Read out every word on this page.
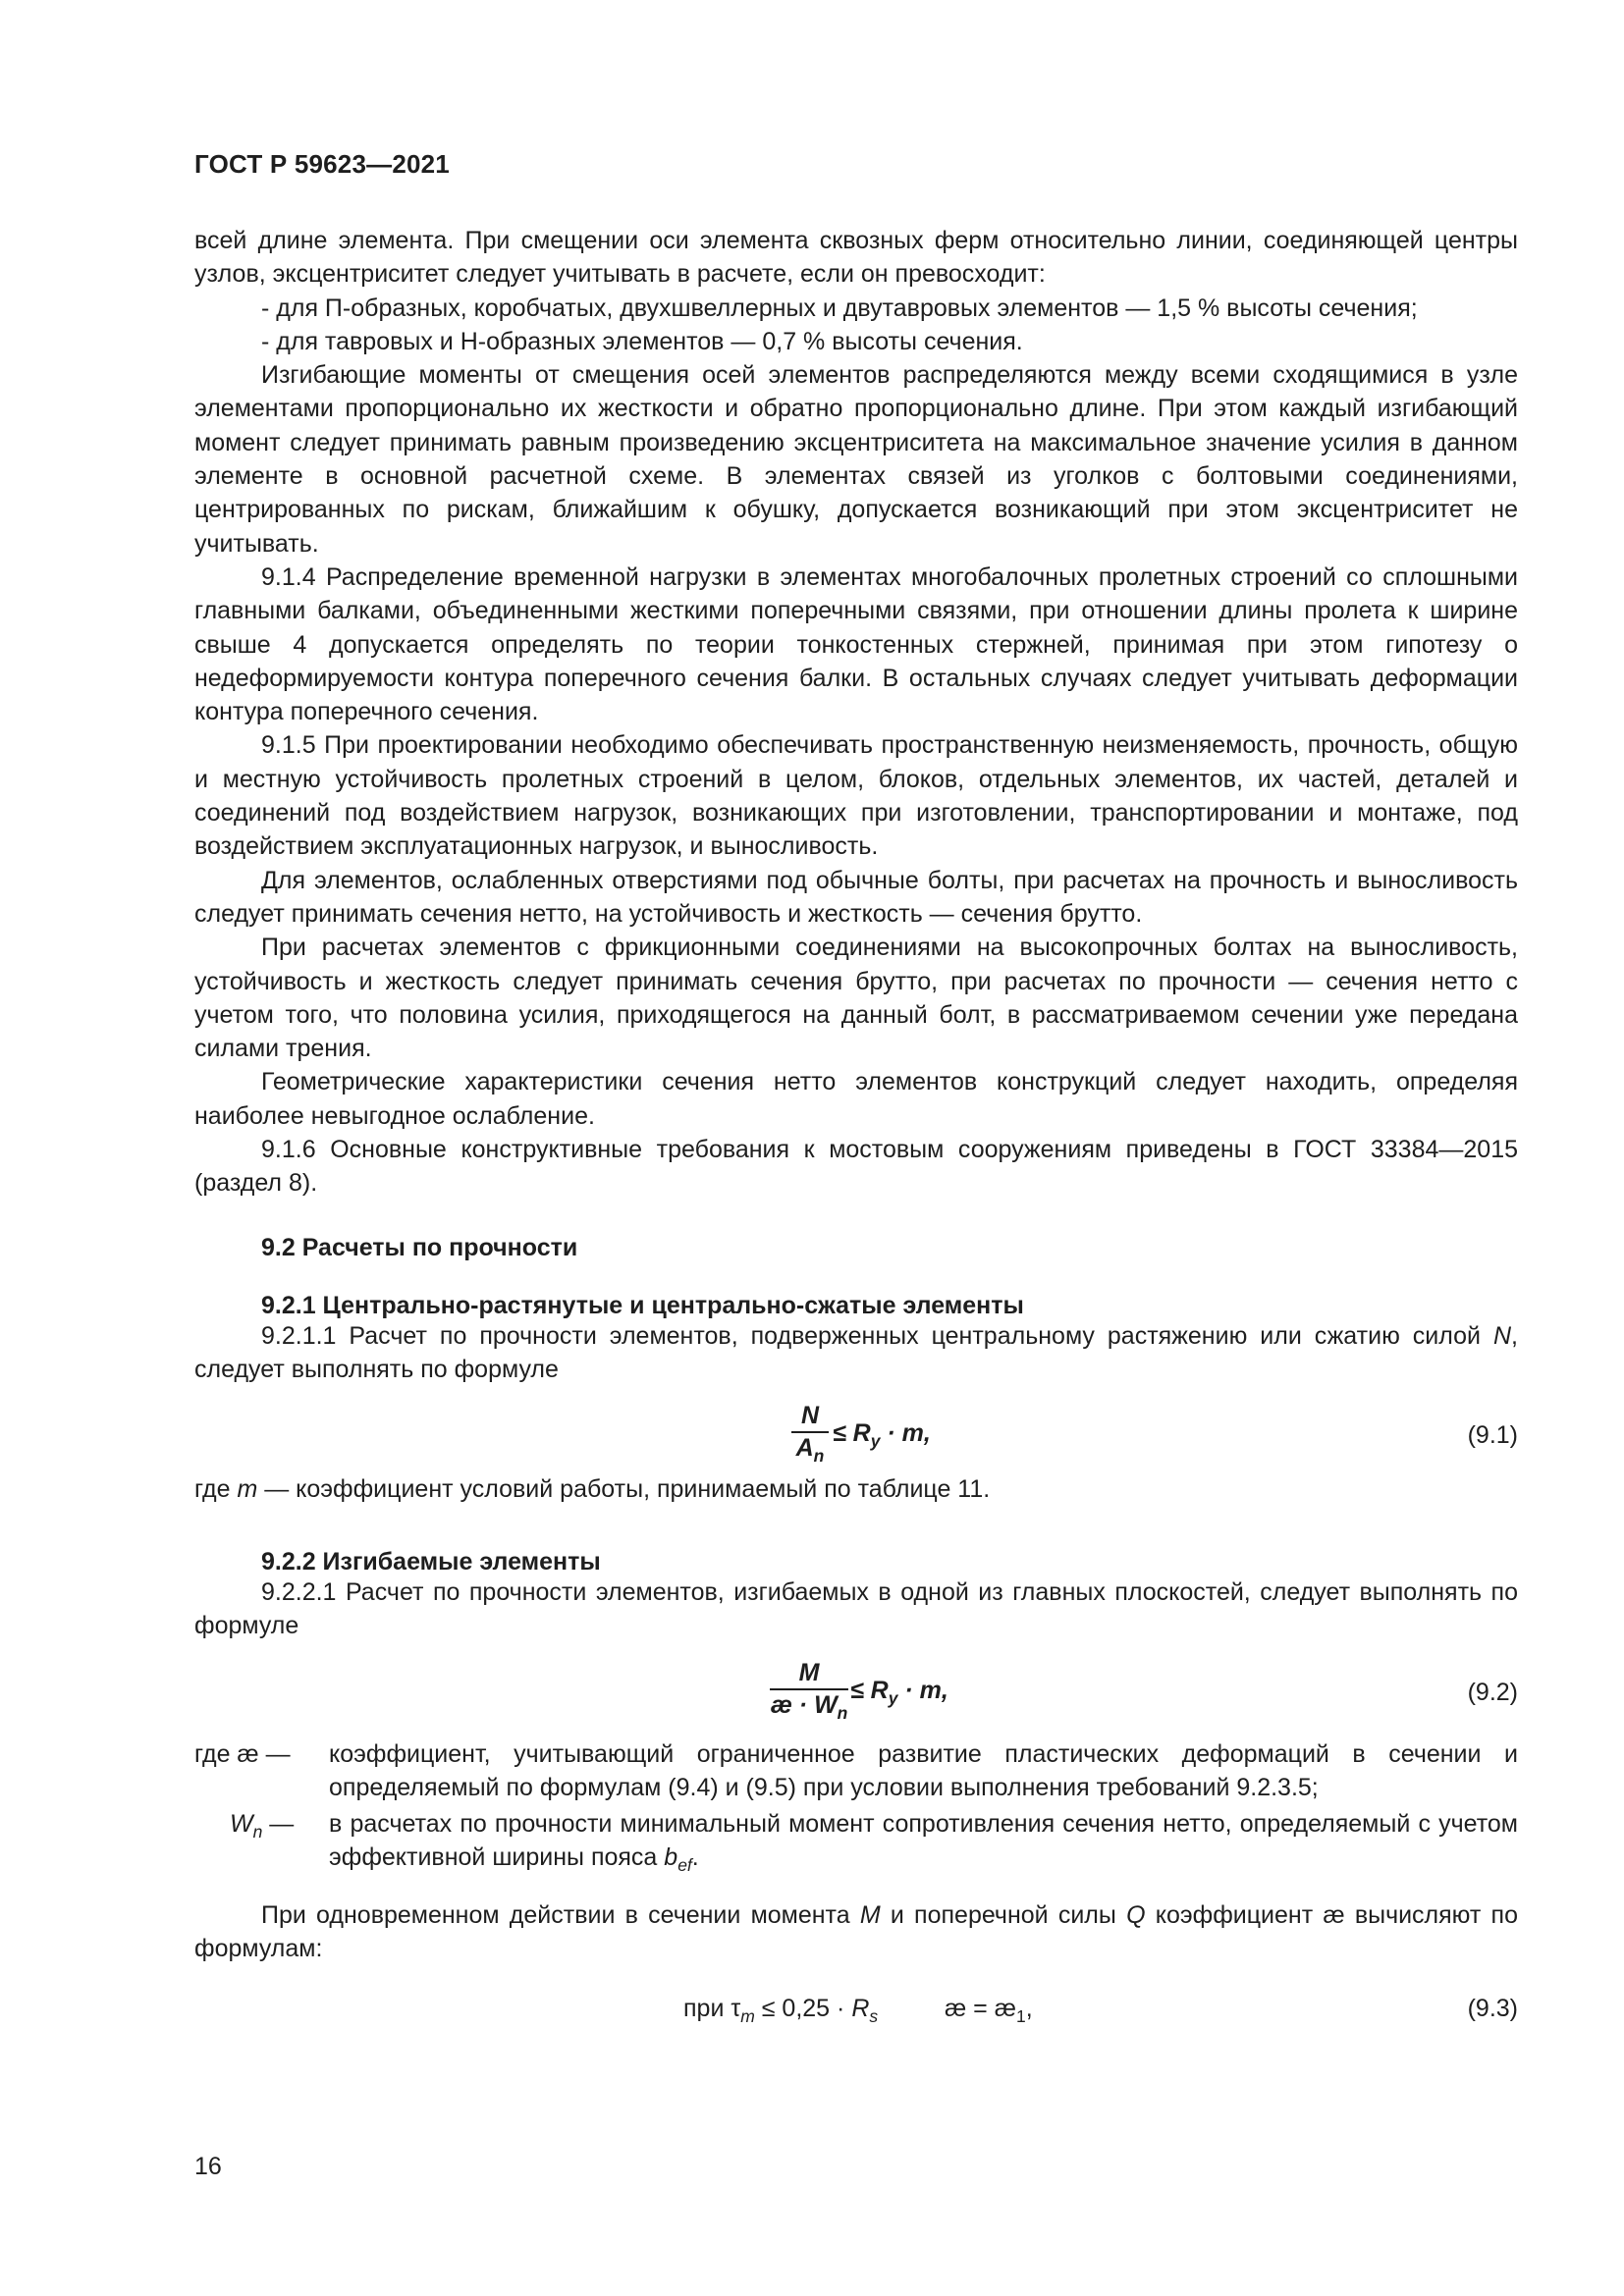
ГОСТ Р 59623—2021

всей длине элемента. При смещении оси элемента сквозных ферм относительно линии, соединяющей центры узлов, эксцентриситет следует учитывать в расчете, если он превосходит:

- для П-образных, коробчатых, двухшвеллерных и двутавровых элементов — 1,5 % высоты сечения;

- для тавровых и Н-образных элементов — 0,7 % высоты сечения.

Изгибающие моменты от смещения осей элементов распределяются между всеми сходящимися в узле элементами пропорционально их жесткости и обратно пропорционально длине. При этом каждый изгибающий момент следует принимать равным произведению эксцентриситета на максимальное значение усилия в данном элементе в основной расчетной схеме. В элементах связей из уголков с болтовыми соединениями, центрированных по рискам, ближайшим к обушку, допускается возникающий при этом эксцентриситет не учитывать.

9.1.4 Распределение временной нагрузки в элементах многобалочных пролетных строений со сплошными главными балками, объединенными жесткими поперечными связями, при отношении длины пролета к ширине свыше 4 допускается определять по теории тонкостенных стержней, принимая при этом гипотезу о недеформируемости контура поперечного сечения балки. В остальных случаях следует учитывать деформации контура поперечного сечения.

9.1.5 При проектировании необходимо обеспечивать пространственную неизменяемость, прочность, общую и местную устойчивость пролетных строений в целом, блоков, отдельных элементов, их частей, деталей и соединений под воздействием нагрузок, возникающих при изготовлении, транспортировании и монтаже, под воздействием эксплуатационных нагрузок, и выносливость.

Для элементов, ослабленных отверстиями под обычные болты, при расчетах на прочность и выносливость следует принимать сечения нетто, на устойчивость и жесткость — сечения брутто.

При расчетах элементов с фрикционными соединениями на высокопрочных болтах на выносливость, устойчивость и жесткость следует принимать сечения брутто, при расчетах по прочности — сечения нетто с учетом того, что половина усилия, приходящегося на данный болт, в рассматриваемом сечении уже передана силами трения.

Геометрические характеристики сечения нетто элементов конструкций следует находить, определяя наиболее невыгодное ослабление.

9.1.6 Основные конструктивные требования к мостовым сооружениям приведены в ГОСТ 33384—2015 (раздел 8).

9.2 Расчеты по прочности
9.2.1 Центрально-растянутые и центрально-сжатые элементы

9.2.1.1 Расчет по прочности элементов, подверженных центральному растяжению или сжатию силой N, следует выполнять по формуле

N
$A_n$
≤ $R_y \cdot m$,	(9.1)

где m — коэффициент условий работы, принимаемый по таблице 11.

9.2.2 Изгибаемые элементы

9.2.2.1 Расчет по прочности элементов, изгибаемых в одной из главных плоскостей, следует выполнять по формуле

M
æ · $W_n$
≤ $R_y \cdot m$,	(9.2)
где æ — коэффициент, учитывающий ограниченное развитие пластических деформаций в сечении и определяемый по формулам (9.4) и (9.5) при условии выполнения требований 9.2.3.5;
$W_n$ — в расчетах по прочности минимальный момент сопротивления сечения нетто, определяемый с учетом эффективной ширины пояса $b_{ef}$.

При одновременном действии в сечении момента M и поперечной силы Q коэффициент æ вычисляют по формулам:

при $\tau_m \le 0,25 \cdot R_s$	æ = $æ_1$,	(9.3)
16
